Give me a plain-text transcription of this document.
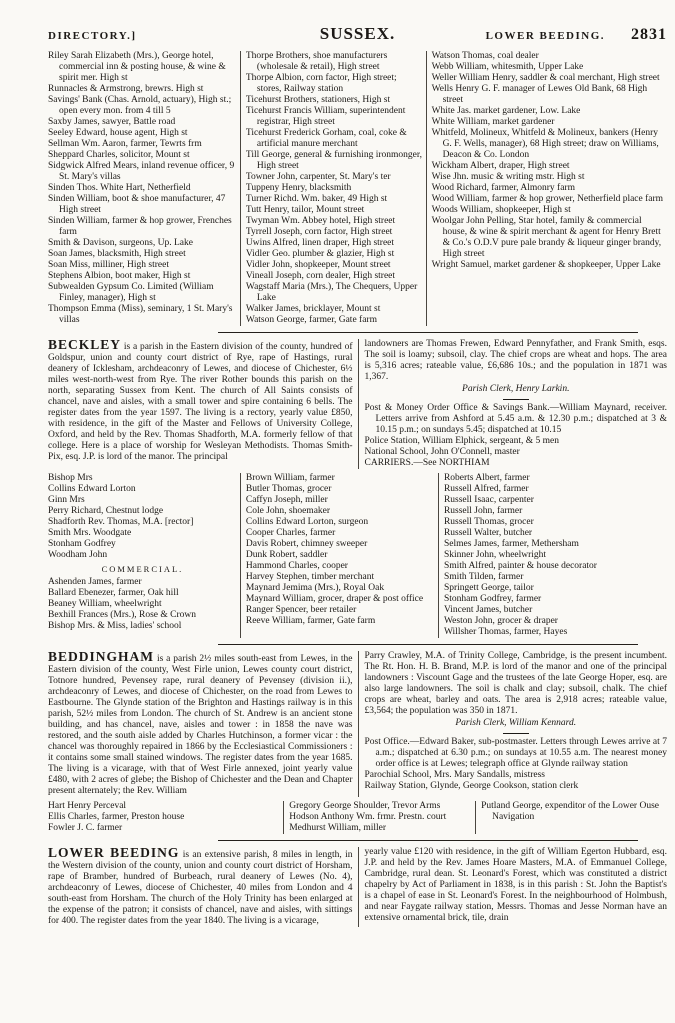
DIRECTORY.]	SUSSEX.	LOWER BEEDING. 2831
Riley Sarah Elizabeth (Mrs.), George hotel, commercial inn & posting house, & wine & spirit mer. High st
Runnacles & Armstrong, brewrs. High st
Savings' Bank (Chas. Arnold, actuary), High st.; open every mon. from 4 till 5
Saxby James, sawyer, Battle road
Seeley Edward, house agent, High st
Sellman Wm. Aaron, farmer, Tewrts frm
Sheppard Charles, solicitor, Mount st
Sidgwick Alfred Mears, inland revenue officer, 9 St. Mary's villas
Sinden Thos. White Hart, Netherfield
Sinden William, boot & shoe manufacturer, 47 High street
Sinden William, farmer & hop grower, Frenches farm
Smith & Davison, surgeons, Up. Lake
Soan James, blacksmith, High street
Soan Miss, milliner, High street
Stephens Albion, boot maker, High st
Subwealden Gypsum Co. Limited (William Finley, manager), High st
Thompson Emma (Miss), seminary, 1 St. Mary's villas
Thorpe Brothers, shoe manufacturers (wholesale & retail), High street
Thorpe Albion, corn factor, High street; stores, Railway station
Ticehurst Brothers, stationers, High st
Ticehurst Francis William, superintendent registrar, High street
Ticehurst Frederick Gorham, coal, coke & artificial manure merchant
Till George, general & furnishing ironmonger, High street
Towner John, carpenter, St. Mary's ter
Tuppeny Henry, blacksmith
Turner Richd. Wm. baker, 49 High st
Tutt Henry, tailor, Mount street
Twyman Wm. Abbey hotel, High street
Tyrrell Joseph, corn factor, High street
Uwins Alfred, linen draper, High street
Vidler Geo. plumber & glazier, High st
Vidler John, shopkeeper, Mount street
Vineall Joseph, corn dealer, High street
Wagstaff Maria (Mrs.), The Chequers, Upper Lake
Walker James, bricklayer, Mount st
Watson George, farmer, Gate farm
Watson Thomas, coal dealer
Webb William, whitesmith, Upper Lake
Weller William Henry, saddler & coal merchant, High street
Wells Henry G. F. manager of Lewes Old Bank, 68 High street
White Jas. market gardener, Low. Lake
White William, market gardener
Whitfeld, Molineux, Whitfeld & Molineux, bankers (Henry G. F. Wells, manager), 68 High street; draw on Williams, Deacon & Co. London
Wickham Albert, draper, High street
Wise Jhn. music & writing mstr. High st
Wood Richard, farmer, Almonry farm
Wood William, farmer & hop grower, Netherfield place farm
Woods William, shopkeeper, High st
Woolgar John Pelling, Star hotel, family & commercial house, & wine & spirit merchant & agent for Henry Brett & Co.'s O.D.V pure pale brandy & liqueur ginger brandy, High street
Wright Samuel, market gardener & shopkeeper, Upper Lake

BECKLEY is a parish in the Eastern division of the county, hundred of Goldspur, union and county court district of Rye, rape of Hastings, rural deanery of Icklesham, archdeaconry of Lewes, and diocese of Chichester, 6½ miles west-north-west from Rye. The river Rother bounds this parish on the north, separating Sussex from Kent. The church of All Saints consists of chancel, nave and aisles, with a small tower and spire containing 6 bells. The register dates from the year 1597. The living is a rectory, yearly value £850, with residence, in the gift of the Master and Fellows of University College, Oxford, and held by the Rev. Thomas Shadforth, M.A. formerly fellow of that college. Here is a place of worship for Wesleyan Methodists. Thomas Smith-Pix, esq. J.P. is lord of the manor. The principal

landowners are Thomas Frewen, Edward Pennyfather, and Frank Smith, esqs. The soil is loamy; subsoil, clay. The chief crops are wheat and hops. The area is 5,316 acres; rateable value, £6,686 10s.; and the population in 1871 was 1,367.

Parish Clerk, Henry Larkin.

Post & Money Order Office & Savings Bank.—William Maynard, receiver. Letters arrive from Ashford at 5.45 a.m. & 12.30 p.m.; dispatched at 3 & 10.15 p.m.; on sundays 5.45; dispatched at 10.15

Police Station, William Elphick, sergeant, & 5 men

National School, John O'Connell, master

CARRIERS.—See NORTHIAM

Bishop Mrs
Collins Edward Lorton
Ginn Mrs
Perry Richard, Chestnut lodge
Shadforth Rev. Thomas, M.A. [rector]
Smith Mrs. Woodgate
Stonham Godfrey
Woodham John
COMMERCIAL.
Ashenden James, farmer
Ballard Ebenezer, farmer, Oak hill
Beaney William, wheelwright
Bexhill Frances (Mrs.), Rose & Crown
Bishop Mrs. & Miss, ladies' school
Brown William, farmer
Butler Thomas, grocer
Caffyn Joseph, miller
Cole John, shoemaker
Collins Edward Lorton, surgeon
Cooper Charles, farmer
Davis Robert, chimney sweeper
Dunk Robert, saddler
Hammond Charles, cooper
Harvey Stephen, timber merchant
Maynard Jemima (Mrs.), Royal Oak
Maynard William, grocer, draper & post office
Ranger Spencer, beer retailer
Reeve William, farmer, Gate farm
Roberts Albert, farmer
Russell Alfred, farmer
Russell Isaac, carpenter
Russell John, farmer
Russell Thomas, grocer
Russell Walter, butcher
Selmes James, farmer, Methersham
Skinner John, wheelwright
Smith Alfred, painter & house decorator
Smith Tilden, farmer
Springett George, tailor
Stonham Godfrey, farmer
Vincent James, butcher
Weston John, grocer & draper
Willsher Thomas, farmer, Hayes

BEDDINGHAM is a parish 2½ miles south-east from Lewes, in the Eastern division of the county, West Firle union, Lewes county court district, Totnore hundred, Pevensey rape, rural deanery of Pevensey (division ii.), archdeaconry of Lewes, and diocese of Chichester, on the road from Lewes to Eastbourne. The Glynde station of the Brighton and Hastings railway is in this parish, 52½ miles from London. The church of St. Andrew is an ancient stone building, and has chancel, nave, aisles and tower : in 1858 the nave was restored, and the south aisle added by Charles Hutchinson, a former vicar : the chancel was thoroughly repaired in 1866 by the Ecclesiastical Commissioners : it contains some small stained windows. The register dates from the year 1685. The living is a vicarage, with that of West Firle annexed, joint yearly value £480, with 2 acres of glebe; the Bishop of Chichester and the Dean and Chapter present alternately; the Rev. William

Parry Crawley, M.A. of Trinity College, Cambridge, is the present incumbent. The Rt. Hon. H. B. Brand, M.P. is lord of the manor and one of the principal landowners : Viscount Gage and the trustees of the late George Hoper, esq. are also large landowners. The soil is chalk and clay; subsoil, chalk. The chief crops are wheat, barley and oats. The area is 2,918 acres; rateable value, £3,564; the population was 350 in 1871.

Parish Clerk, William Kennard.

Post Office.—Edward Baker, sub-postmaster. Letters through Lewes arrive at 7 a.m.; dispatched at 6.30 p.m.; on sundays at 10.55 a.m. The nearest money order office is at Lewes; telegraph office at Glynde railway station

Parochial School, Mrs. Mary Sandalls, mistress

Railway Station, Glynde, George Cookson, station clerk

Hart Henry Perceval
Ellis Charles, farmer, Preston house
Fowler J. C. farmer
Gregory George Shoulder, Trevor Arms
Hodson Anthony Wm. frmr. Prestn. court
Medhurst William, miller
Putland George, expenditor of the Lower Ouse Navigation

LOWER BEEDING is an extensive parish, 8 miles in length, in the Western division of the county, union and county court district of Horsham, rape of Bramber, hundred of Burbeach, rural deanery of Lewes (No. 4), archdeaconry of Lewes, diocese of Chichester, 40 miles from London and 4 south-east from Horsham. The church of the Holy Trinity has been enlarged at the expense of the patron; it consists of chancel, nave and aisles, with sittings for 400. The register dates from the year 1840. The living is a vicarage,

yearly value £120 with residence, in the gift of William Egerton Hubbard, esq. J.P. and held by the Rev. James Hoare Masters, M.A. of Emmanuel College, Cambridge, rural dean. St. Leonard's Forest, which was constituted a district chapelry by Act of Parliament in 1838, is in this parish : St. John the Baptist's is a chapel of ease in St. Leonard's Forest. In the neighbourhood of Holmbush, and near Faygate railway station, Messrs. Thomas and Jesse Norman have an extensive ornamental brick, tile, drain
